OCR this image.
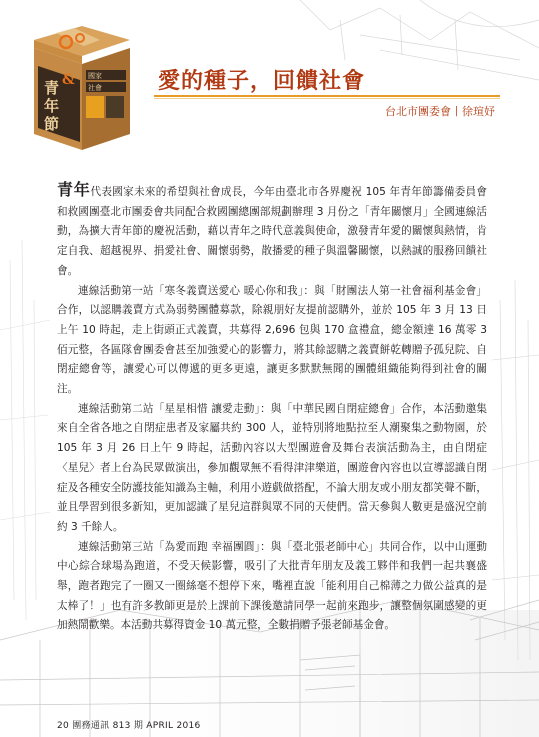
青
年
節
& 國家
社會	愛的種子，回饋社會
台北市團委會丨徐瑄妤

青年代表國家未來的希望與社會成長，今年由臺北市各界慶祝 105 年青年節籌備委員會和救國團臺北市團委會共同配合救國團總團部規劃辦理 3 月份之「青年關懷月」全國連線活動，為擴大青年節的慶祝活動，藉以青年之時代意義與使命，激發青年愛的關懷與熱情，肯定自我、超越視界、捐愛社會、關懷弱勢，散播愛的種子與溫馨關懷，以熱誠的服務回饋社會。

連線活動第一站「寒冬義賣送愛心 暖心你和我」：與「財團法人第一社會福利基金會」合作，以認購義賣方式為弱勢團體募款，除親朋好友提前認購外，並於 105 年 3 月 13 日上午 10 時起，走上街頭正式義賣，共募得 2,696 包與 170 盒禮盒，總金額達 16 萬零 3 佰元整，各區隊會團委會甚至加強愛心的影響力，將其餘認購之義賣餅乾轉贈予孤兒院、自閉症總會等，讓愛心可以傳遞的更多更遠，讓更多默默無聞的團體組織能夠得到社會的關注。

連線活動第二站「星星相惜 讓愛走動」：與「中華民國自閉症總會」合作，本活動邀集來自全省各地之自閉症患者及家屬共約 300 人，並特別將地點拉至人潮聚集之動物園，於 105 年 3 月 26 日上午 9 時起，活動內容以大型團遊會及舞台表演活動為主，由自閉症〈星兒〉者上台為民眾做演出，參加觀眾無不看得津津樂道，團遊會內容也以宣導認識自閉症及各種安全防護技能知識為主軸，利用小遊戲做搭配，不論大朋友或小朋友都笑聲不斷，並且學習到很多新知，更加認識了星兒這群與眾不同的天使們。當天參與人數更是盛況空前約 3 千餘人。

連線活動第三站「為愛而跑 幸福團圓」：與「臺北張老師中心」共同合作，以中山運動中心綜合球場為跑道，不受天候影響，吸引了大批青年朋友及義工夥伴和我們一起共襄盛舉，跑者跑完了一圈又一圈絲毫不想停下來，嘴裡直說「能利用自己棉薄之力做公益真的是太棒了！」也有許多教師更是於上課前下課後邀請同學一起前來跑步，讓整個氛圍感變的更加熱鬧歡樂。本活動共募得資金 10 萬元整，全數捐贈予張老師基金會。

20 團務通訊 813 期 APRIL 2016
